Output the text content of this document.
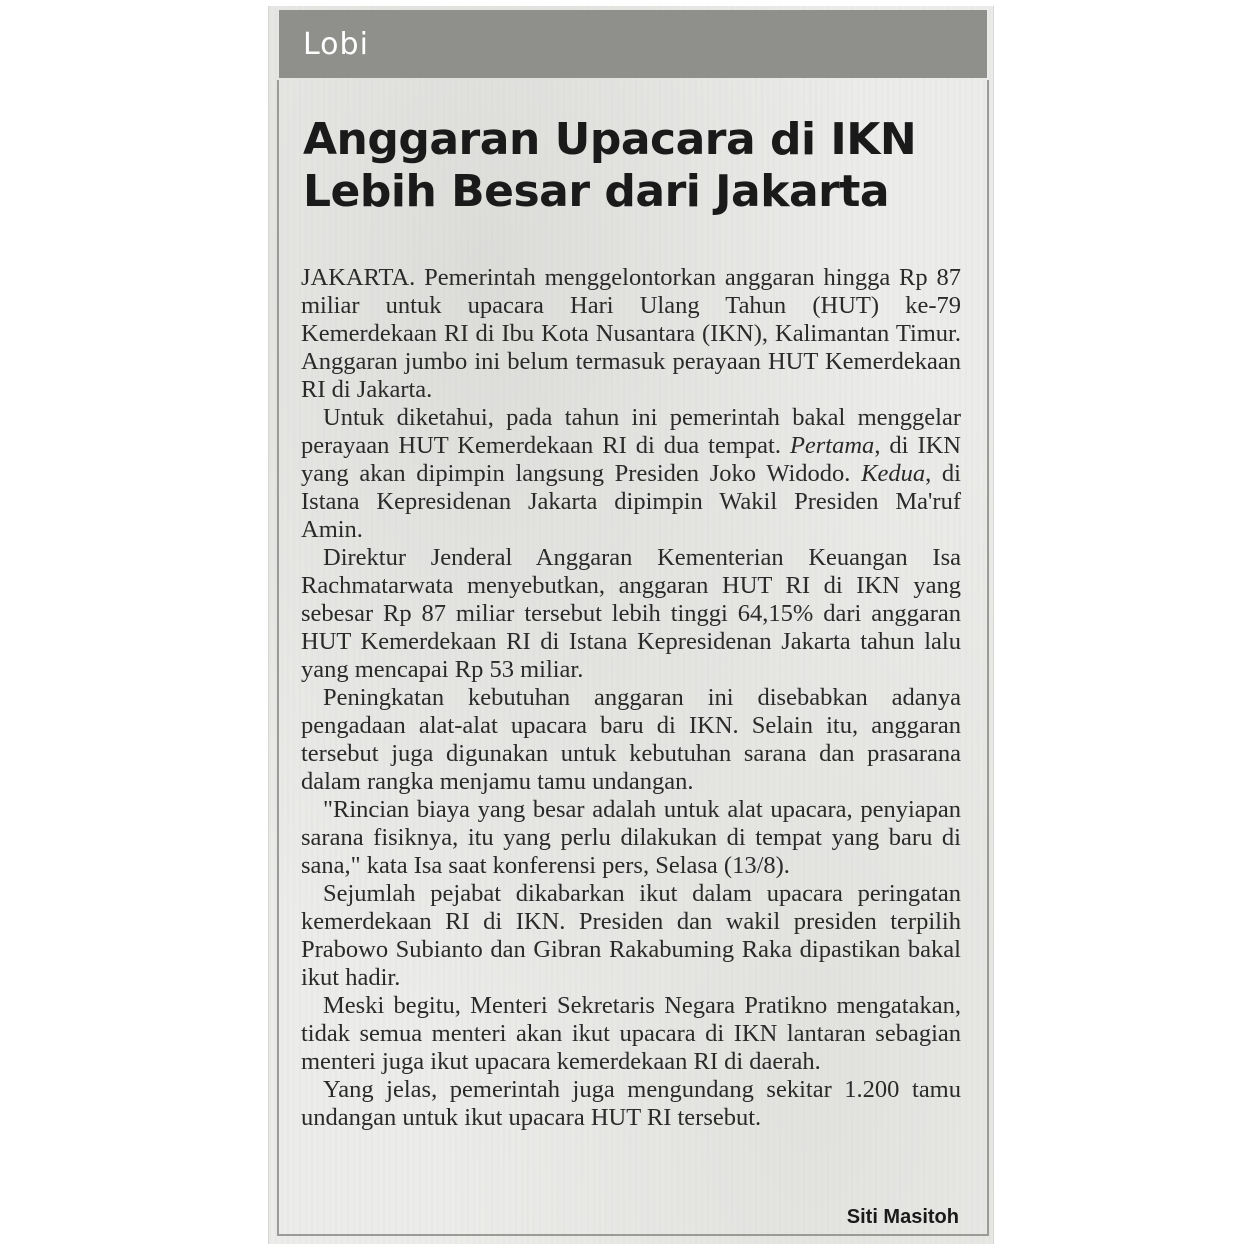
Lobi
Anggaran Upacara di IKN
Lebih Besar dari Jakarta

JAKARTA. Pemerintah menggelontorkan anggaran hingga Rp 87 miliar untuk upacara Hari Ulang Tahun (HUT) ke-79 Kemerdekaan RI di Ibu Kota Nusantara (IKN), Kalimantan Timur. Anggaran jumbo ini belum termasuk perayaan HUT Kemerdekaan RI di Jakarta.

Untuk diketahui, pada tahun ini pemerintah bakal menggelar perayaan HUT Kemerdekaan RI di dua tempat. Pertama, di IKN yang akan dipimpin langsung Presiden Joko Widodo. Kedua, di Istana Kepresidenan Jakarta dipimpin Wakil Presiden Ma'ruf Amin.

Direktur Jenderal Anggaran Kementerian Keuangan Isa Rachmatarwata menyebutkan, anggaran HUT RI di IKN yang sebesar Rp 87 miliar tersebut lebih tinggi 64,15% dari anggaran HUT Kemerdekaan RI di Istana Kepresidenan Jakarta tahun lalu yang mencapai Rp 53 miliar.

Peningkatan kebutuhan anggaran ini disebabkan adanya pengadaan alat-alat upacara baru di IKN. Selain itu, anggaran tersebut juga digunakan untuk kebutuhan sarana dan prasarana dalam rangka menjamu tamu undangan.

"Rincian biaya yang besar adalah untuk alat upacara, penyiapan sarana fisiknya, itu yang perlu dilakukan di tempat yang baru di sana," kata Isa saat konferensi pers, Selasa (13/8).

Sejumlah pejabat dikabarkan ikut dalam upacara peringatan kemerdekaan RI di IKN. Presiden dan wakil presiden terpilih Prabowo Subianto dan Gibran Rakabuming Raka dipastikan bakal ikut hadir.

Meski begitu, Menteri Sekretaris Negara Pratikno mengatakan, tidak semua menteri akan ikut upacara di IKN lantaran sebagian menteri juga ikut upacara kemerdekaan RI di daerah.

Yang jelas, pemerintah juga mengundang sekitar 1.200 tamu undangan untuk ikut upacara HUT RI tersebut.

Siti Masitoh
